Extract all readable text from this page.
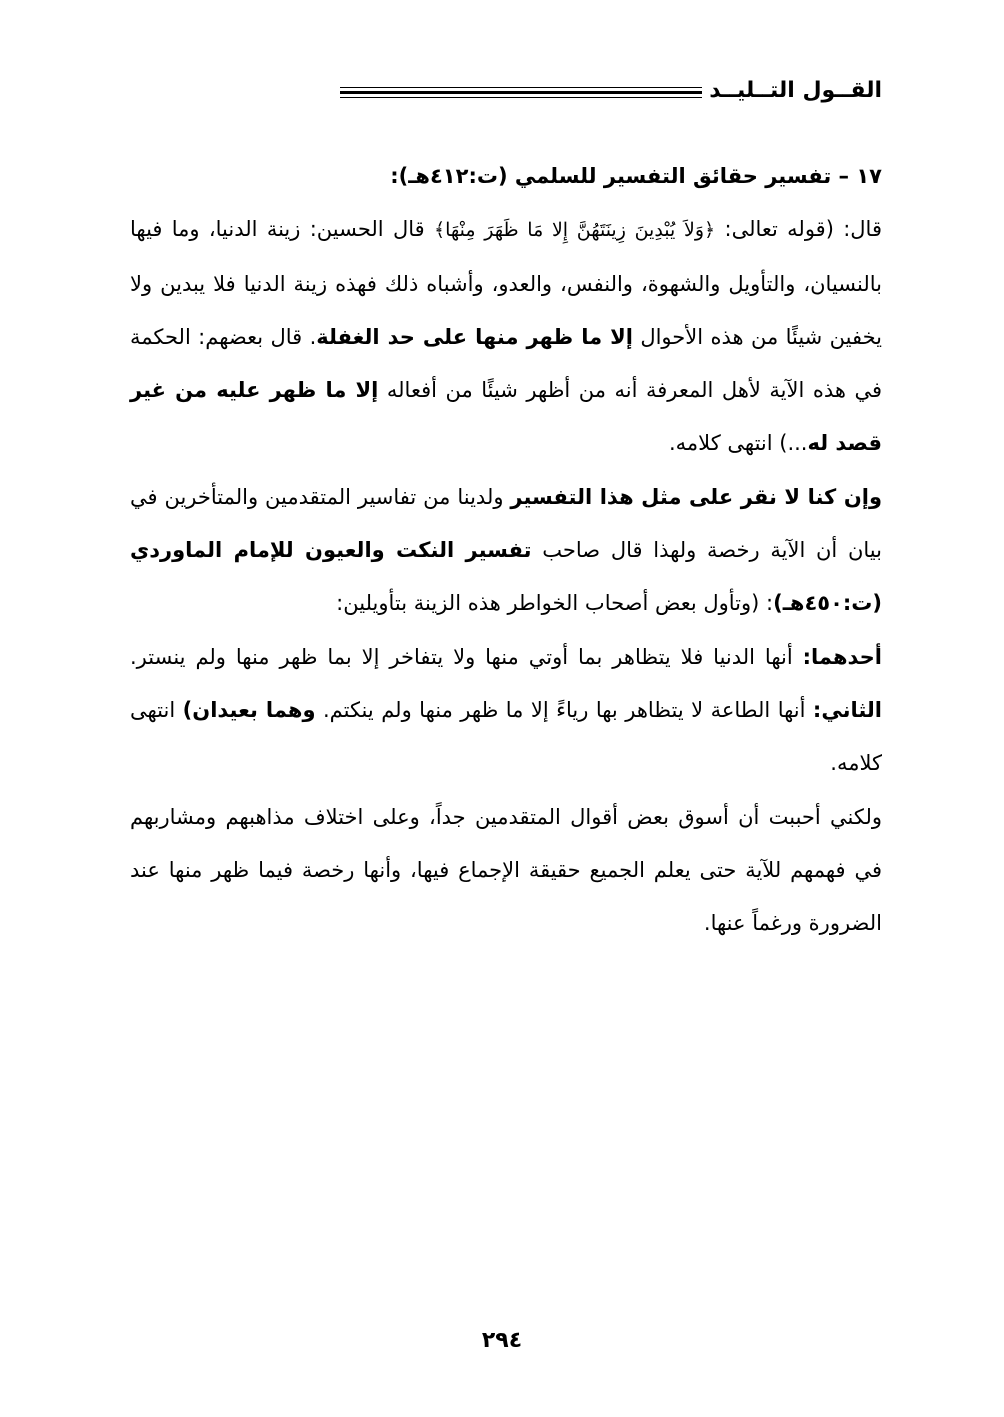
القــول التــليــد

١٧ – تفسير حقائق التفسير للسلمي (ت:٤١٢هـ):

قال: (قوله تعالى: ﴿وَلاَ يُبْدِينَ زِينَتَهُنَّ إِلا مَا ظَهَرَ مِنْهَا﴾ قال الحسين: زينة الدنيا، وما فيها بالنسيان، والتأويل والشهوة، والنفس، والعدو، وأشباه ذلك فهذه زينة الدنيا فلا يبدين ولا يخفين شيئًا من هذه الأحوال إلا ما ظهر منها على حد الغفلة. قال بعضهم: الحكمة في هذه الآية لأهل المعرفة أنه من أظهر شيئًا من أفعاله إلا ما ظهر عليه من غير قصد له...) انتهى كلامه.

وإن كنا لا نقر على مثل هذا التفسير ولدينا من تفاسير المتقدمين والمتأخرين في بيان أن الآية رخصة ولهذا قال صاحب تفسير النكت والعيون للإمام الماوردي (ت:٤٥٠هـ): (وتأول بعض أصحاب الخواطر هذه الزينة بتأويلين:

أحدهما: أنها الدنيا فلا يتظاهر بما أوتي منها ولا يتفاخر إلا بما ظهر منها ولم ينستر. الثاني: أنها الطاعة لا يتظاهر بها رياءً إلا ما ظهر منها ولم ينكتم. وهما بعيدان) انتهى كلامه.

ولكني أحببت أن أسوق بعض أقوال المتقدمين جداً، وعلى اختلاف مذاهبهم ومشاربهم في فهمهم للآية حتى يعلم الجميع حقيقة الإجماع فيها، وأنها رخصة فيما ظهر منها عند الضرورة ورغماً عنها.

٢٩٤
